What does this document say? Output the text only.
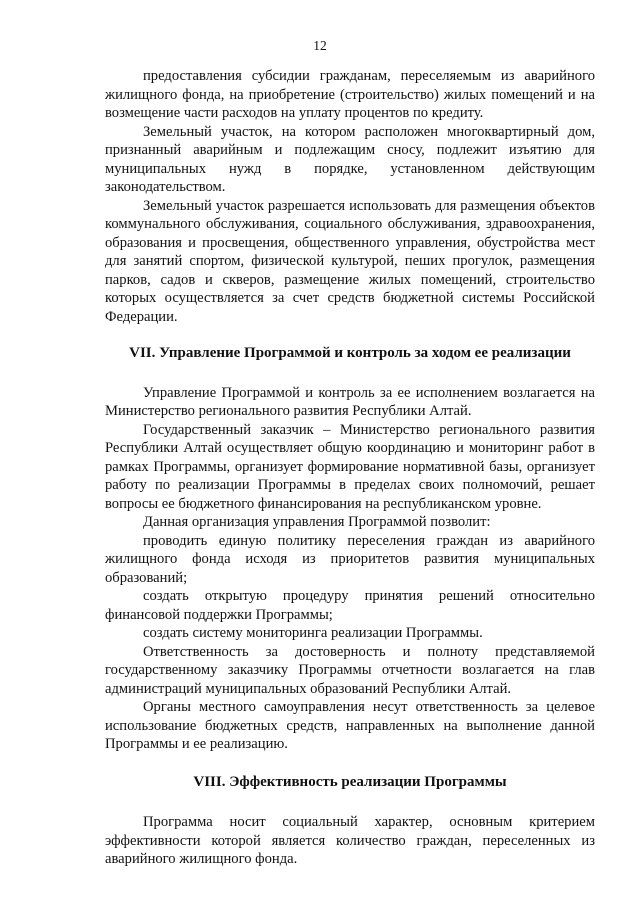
12

предоставления субсидии гражданам, переселяемым из аварийного жилищного фонда, на приобретение (строительство) жилых помещений и на возмещение части расходов на уплату процентов по кредиту.

Земельный участок, на котором расположен многоквартирный дом, признанный аварийным и подлежащим сносу, подлежит изъятию для муниципальных нужд в порядке, установленном действующим законодательством.

Земельный участок разрешается использовать для размещения объектов коммунального обслуживания, социального обслуживания, здравоохранения, образования и просвещения, общественного управления, обустройства мест для занятий спортом, физической культурой, пеших прогулок, размещения парков, садов и скверов, размещение жилых помещений, строительство которых осуществляется за счет средств бюджетной системы Российской Федерации.

VII. Управление Программой и контроль за ходом ее реализации

Управление Программой и контроль за ее исполнением возлагается на Министерство регионального развития Республики Алтай.

Государственный заказчик – Министерство регионального развития Республики Алтай осуществляет общую координацию и мониторинг работ в рамках Программы, организует формирование нормативной базы, организует работу по реализации Программы в пределах своих полномочий, решает вопросы ее бюджетного финансирования на республиканском уровне.

Данная организация управления Программой позволит:

проводить единую политику переселения граждан из аварийного жилищного фонда исходя из приоритетов развития муниципальных образований;

создать открытую процедуру принятия решений относительно финансовой поддержки Программы;

создать систему мониторинга реализации Программы.

Ответственность за достоверность и полноту представляемой государственному заказчику Программы отчетности возлагается на глав администраций муниципальных образований Республики Алтай.

Органы местного самоуправления несут ответственность за целевое использование бюджетных средств, направленных на выполнение данной Программы и ее реализацию.

VIII. Эффективность реализации Программы

Программа носит социальный характер, основным критерием эффективности которой является количество граждан, переселенных из аварийного жилищного фонда.
